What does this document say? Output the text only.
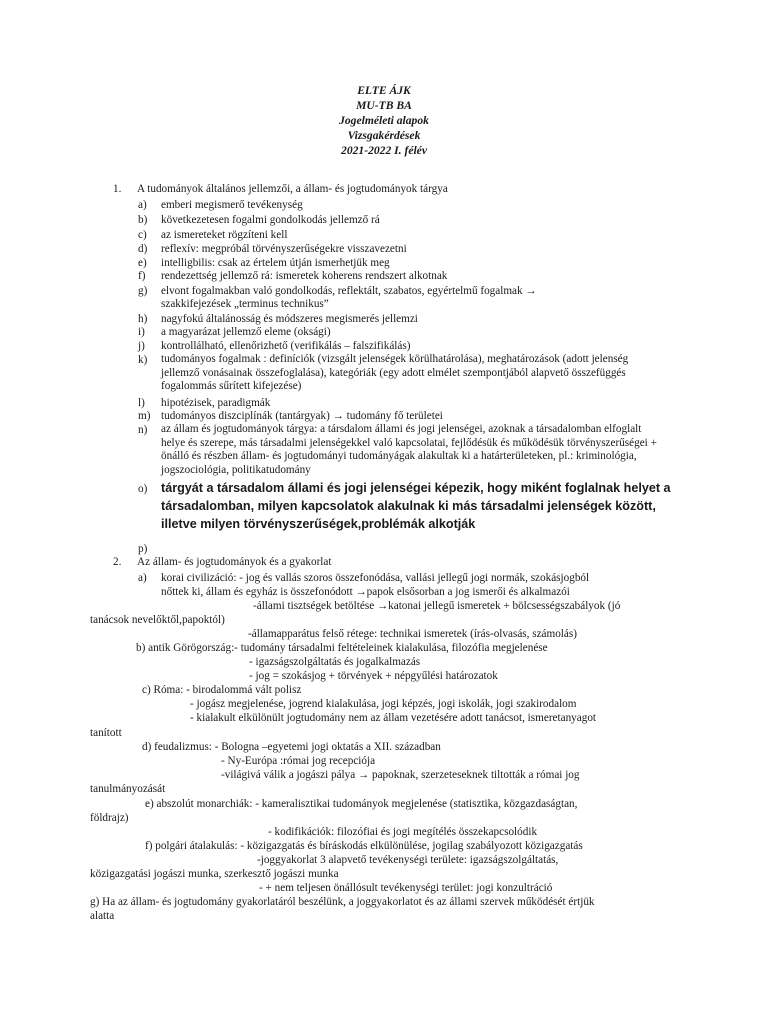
ELTE ÁJK
MU-TB BA
Jogelméleti alapok
Vizsgakérdések
2021-2022 I. félév
1. A tudományok általános jellemzői, a állam- és jogtudományok tárgya
a) emberi megismerő tevékenység
b) következetesen fogalmi gondolkodás jellemző rá
c) az ismereteket rögzíteni kell
d) reflexív: megpróbál törvényszerűségekre visszavezetni
e) intelligbilis: csak az értelem útján ismerhetjük meg
f) rendezettség jellemző rá: ismeretek koherens rendszert alkotnak
g) elvont fogalmakban való gondolkodás, reflektált, szabatos, egyértelmű fogalmak →
szakkifejezések „terminus technikus”
h) nagyfokú általánosság és módszeres megismerés jellemzi
i) a magyarázat jellemző eleme (oksági)
j) kontrollálható, ellenőrizhető (verifikálás – falszifikálás)
k) tudományos fogalmak : definíciók (vizsgált jelenségek körülhatárolása), meghatározások (adott jelenség jellemző vonásainak összefoglalása), kategóriák (egy adott elmélet szempontjából alapvető összefüggés fogalommás sűrített kifejezése)
l) hipotézisek, paradigmák
m) tudományos diszciplínák (tantárgyak) → tudomány fő területei
n) az állam és jogtudományok tárgya: a társdalom állami és jogi jelenségei, azoknak a társadalomban elfoglalt helye és szerepe, más társadalmi jelenségekkel való kapcsolatai, fejlődésük és működésük törvényszerűségei + önálló és részben állam- és jogtudományi tudományágak alakultak ki a határterületeken, pl.: kriminológia, jogszociológia, politikatudomány
o) tárgyát a társadalom állami és jogi jelenségei képezik, hogy miként foglalnak helyet a társadalomban, milyen kapcsolatok alakulnak ki más társadalmi jelenségek között, illetve milyen törvényszerűségek,problémák alkotják
p)
2. Az állam- és jogtudományok és a gyakorlat
a) korai civilizáció: - jog és vallás szoros összefonódása, vallási jellegű jogi normák, szokásjogból
nőttek ki, állam és egyház is összefonódott →papok elsősorban a jog ismerői és alkalmazói
-állami tisztségek betöltése →katonai jellegű ismeretek + bölcsességszabályok (jó
tanácsok nevelőktől,papoktól)
-államapparátus felső rétege: technikai ismeretek (írás-olvasás, számolás)
b) antik Görögország:- tudomány társadalmi feltételeinek kialakulása, filozófia megjelenése
- igazságszolgáltatás és jogalkalmazás
- jog = szokásjog + törvények + népgyűlési határozatok
c) Róma: - birodalommá vált polisz
- jogász megjelenése, jogrend kialakulása, jogi képzés, jogi iskolák, jogi szakirodalom
- kialakult elkülönült jogtudomány nem az állam vezetésére adott tanácsot, ismeretanyagot
tanított
d) feudalizmus: - Bologna –egyetemi jogi oktatás a XII. században
- Ny-Európa :római jog recepciója
-világivá válik a jogászi pálya → papoknak, szerzeteseknek tiltották a római jog
tanulmányozását
e) abszolút monarchiák: - kameralisztikai tudományok megjelenése (statisztika, közgazdaságtan,
földrajz)
- kodifikációk: filozófiai és jogi megítélés összekapcsolódik
f) polgári átalakulás: - közigazgatás és bíráskodás elkülönülése, jogilag szabályozott közigazgatás
-joggyakorlat 3 alapvető tevékenységi területe: igazságszolgáltatás,
közigazgatási jogászi munka, szerkesztő jogászi munka
- + nem teljesen önállósult tevékenységi terület: jogi konzultráció
g) Ha az állam- és jogtudomány gyakorlatáról beszélünk, a joggyakorlatot és az állami szervek működését értjük
alatta
